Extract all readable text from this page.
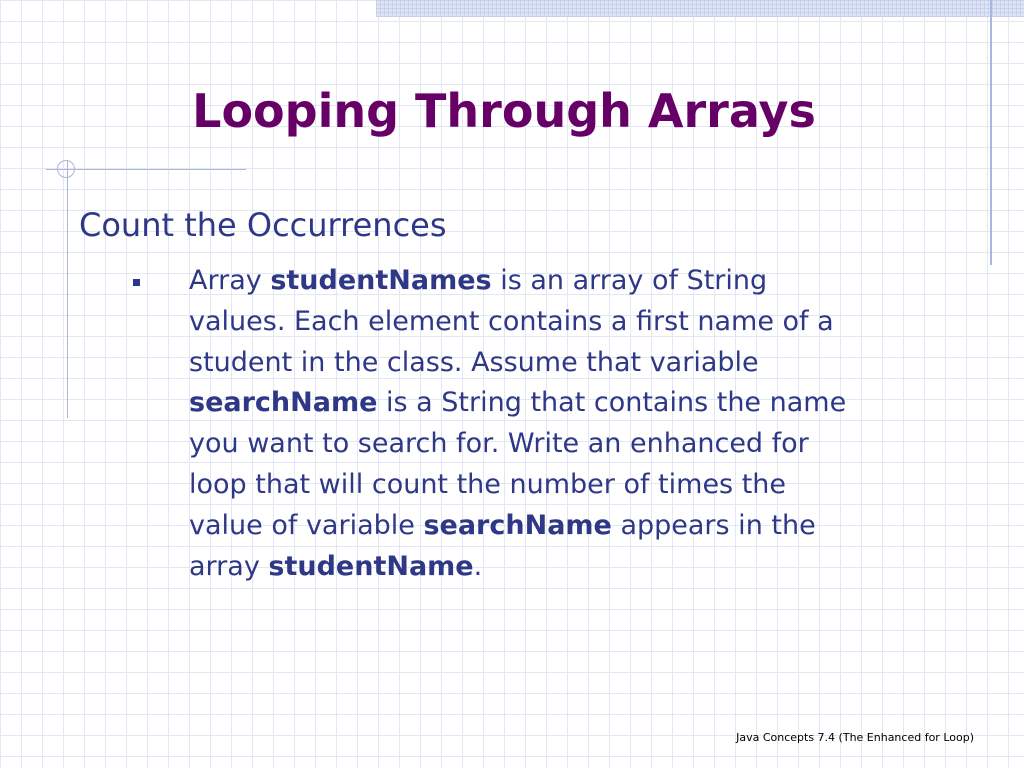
Looping Through Arrays

Count the Occurrences

Array studentNames is an array of String
values. Each element contains a first name of a
student in the class. Assume that variable
searchName is a String that contains the name
you want to search for. Write an enhanced for
loop that will count the number of times the
value of variable searchName appears in the
array studentName.

Java Concepts 7.4 (The Enhanced for Loop)
